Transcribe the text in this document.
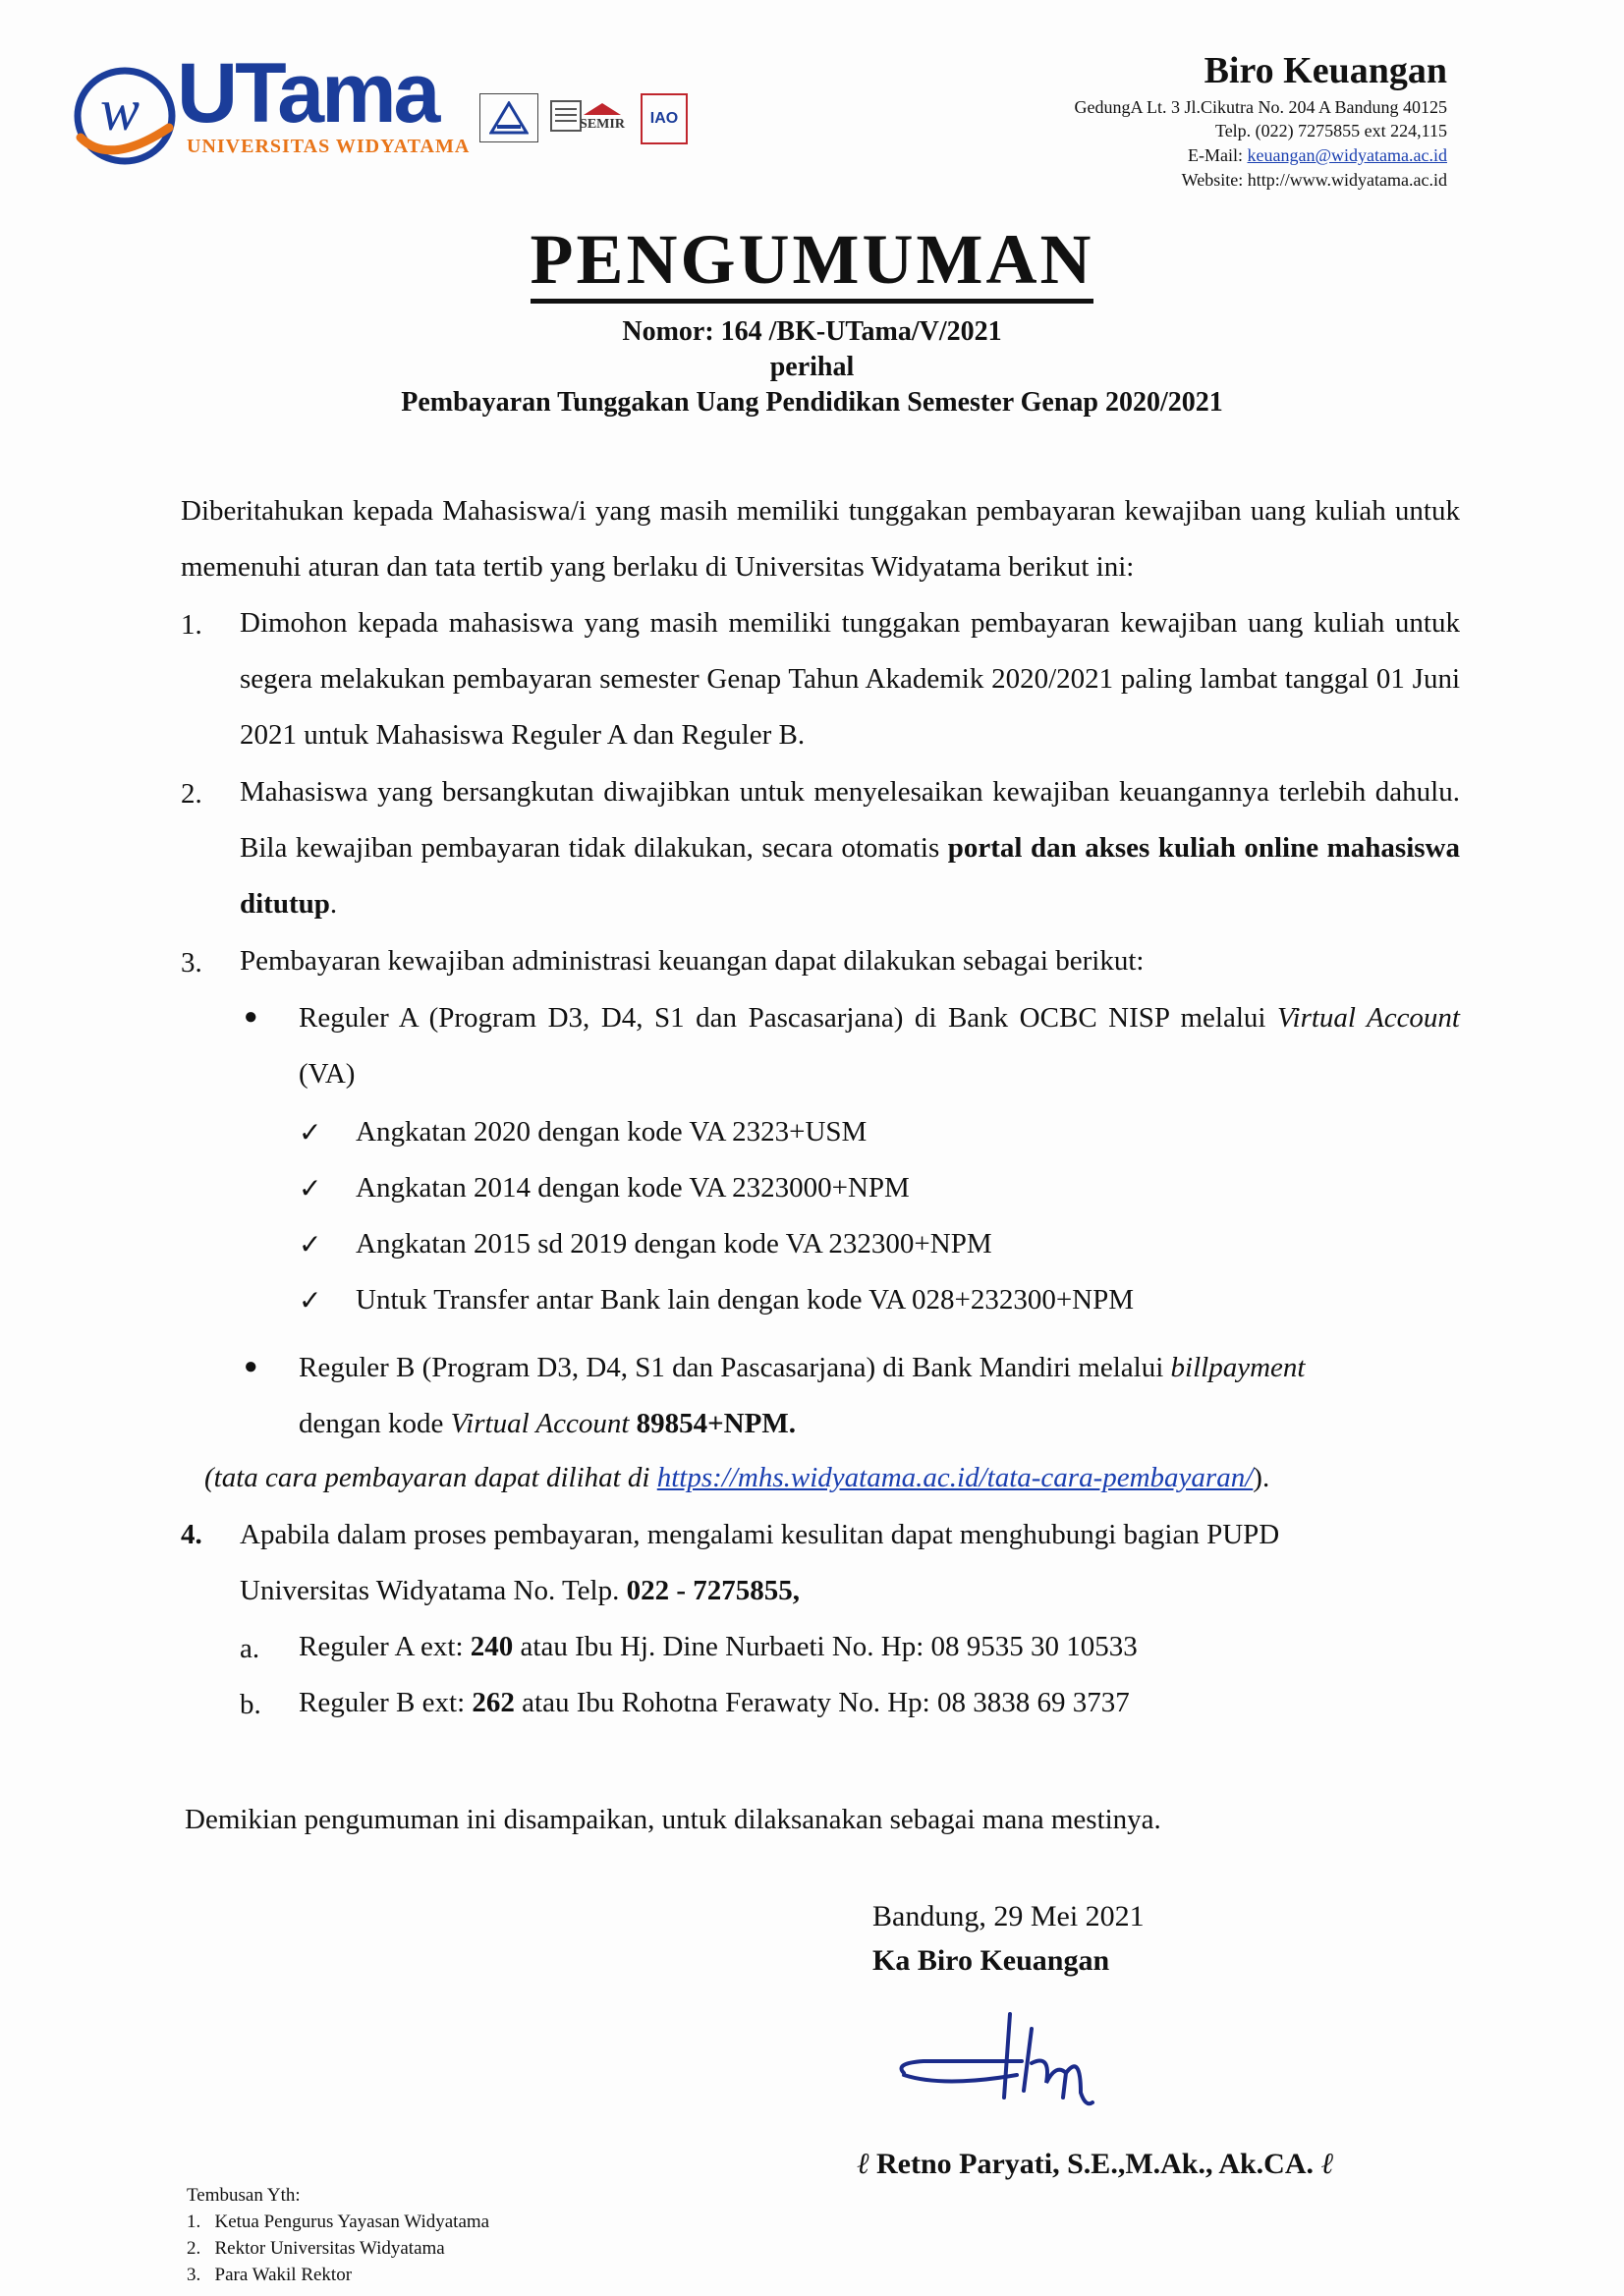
w UTama
UNIVERSITAS WIDYATAMA
SEMIR	IAO
Biro Keuangan
GedungA Lt. 3 Jl.Cikutra No. 204 A Bandung 40125
Telp. (022) 7275855 ext 224,115
E-Mail: keuangan@widyatama.ac.id
Website: http://www.widyatama.ac.id
PENGUMUMAN
Nomor: 164 /BK-UTama/V/2021
perihal
Pembayaran Tunggakan Uang Pendidikan Semester Genap 2020/2021
Diberitahukan kepada Mahasiswa/i yang masih memiliki tunggakan pembayaran kewajiban uang kuliah untuk memenuhi aturan dan tata tertib yang berlaku di Universitas Widyatama berikut ini:
1. Dimohon kepada mahasiswa yang masih memiliki tunggakan pembayaran kewajiban uang kuliah untuk segera melakukan pembayaran semester Genap Tahun Akademik 2020/2021 paling lambat tanggal 01 Juni 2021 untuk Mahasiswa Reguler A dan Reguler B.
2. Mahasiswa yang bersangkutan diwajibkan untuk menyelesaikan kewajiban keuangannya terlebih dahulu. Bila kewajiban pembayaran tidak dilakukan, secara otomatis portal dan akses kuliah online mahasiswa ditutup.
3. Pembayaran kewajiban administrasi keuangan dapat dilakukan sebagai berikut:
● Reguler A (Program D3, D4, S1 dan Pascasarjana) di Bank OCBC NISP melalui Virtual Account (VA)
✓ Angkatan 2020 dengan kode VA 2323+USM
✓ Angkatan 2014 dengan kode VA 2323000+NPM
✓ Angkatan 2015 sd 2019 dengan kode VA 232300+NPM
✓ Untuk Transfer antar Bank lain dengan kode VA 028+232300+NPM
● Reguler B (Program D3, D4, S1 dan Pascasarjana) di Bank Mandiri melalui billpayment
dengan kode Virtual Account 89854+NPM.
(tata cara pembayaran dapat dilihat di https://mhs.widyatama.ac.id/tata-cara-pembayaran/).
4. Apabila dalam proses pembayaran, mengalami kesulitan dapat menghubungi bagian PUPD
Universitas Widyatama No. Telp. 022 - 7275855,
a. Reguler A ext: 240 atau Ibu Hj. Dine Nurbaeti No. Hp: 08 9535 30 10533
b. Reguler B ext: 262 atau Ibu Rohotna Ferawaty No. Hp: 08 3838 69 3737
Demikian pengumuman ini disampaikan, untuk dilaksanakan sebagai mana mestinya.
Bandung, 29 Mei 2021
Ka Biro Keuangan
ℓ Retno Paryati, S.E.,M.Ak., Ak.CA. ℓ
Tembusan Yth:
1.   Ketua Pengurus Yayasan Widyatama
2.   Rektor Universitas Widyatama
3.   Para Wakil Rektor
